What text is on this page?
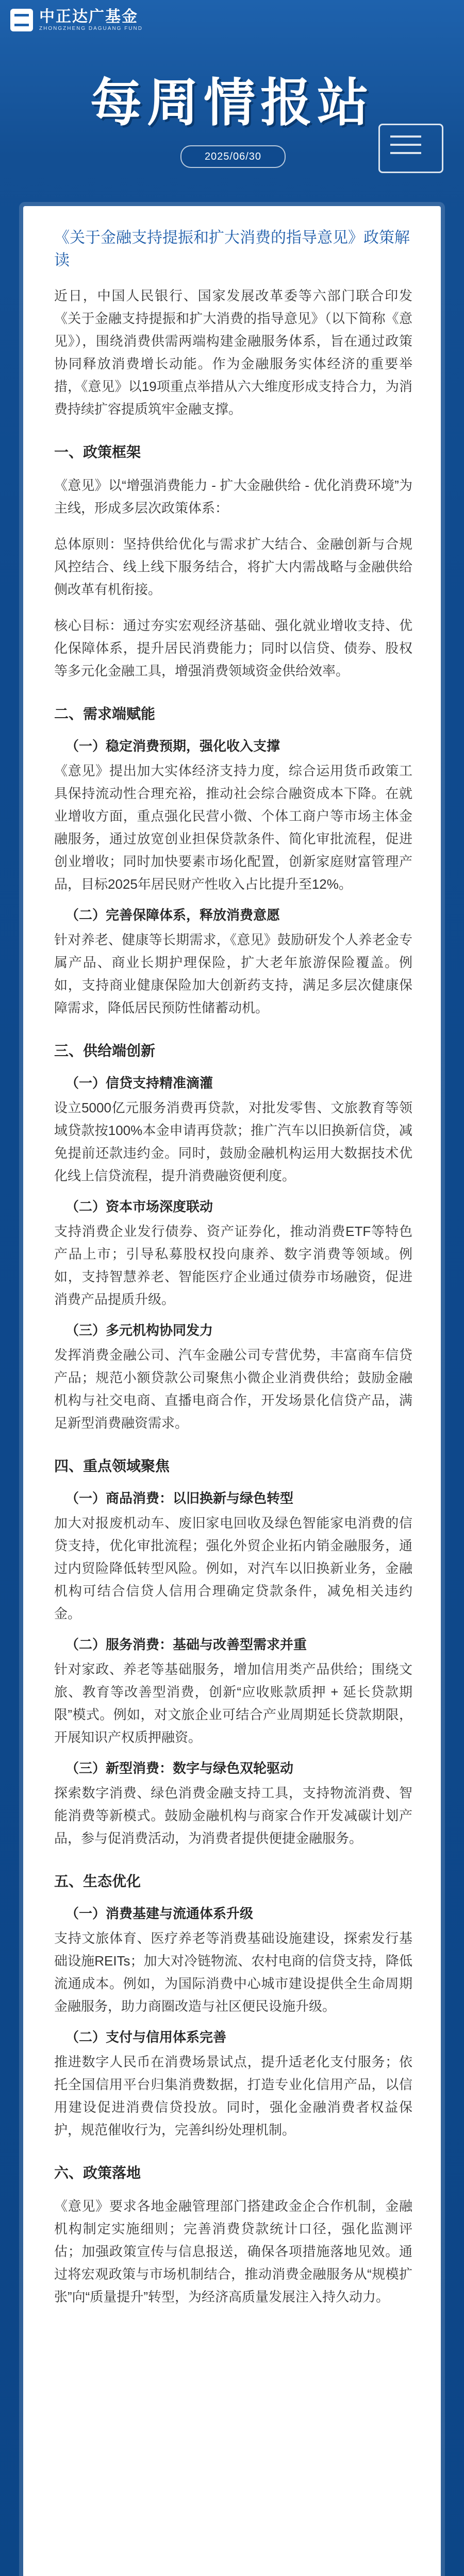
中正达广基金
ZHONGZHENG DAGUANG FUND
每周情报站
2025/06/30
《关于金融支持提振和扩大消费的指导意见》政策解读

近日，中国人民银行、国家发展改革委等六部门联合印发《关于金融支持提振和扩大消费的指导意见》（以下简称《意见》），围绕消费供需两端构建金融服务体系，旨在通过政策协同释放消费增长动能。作为金融服务实体经济的重要举措，《意见》以19项重点举措从六大维度形成支持合力，为消费持续扩容提质筑牢金融支撑。

一、政策框架

《意见》以“增强消费能力 - 扩大金融供给 - 优化消费环境”为主线，形成多层次政策体系：

总体原则：坚持供给优化与需求扩大结合、金融创新与合规风控结合、线上线下服务结合，将扩大内需战略与金融供给侧改革有机衔接。

核心目标：通过夯实宏观经济基础、强化就业增收支持、优化保障体系，提升居民消费能力；同时以信贷、债券、股权等多元化金融工具，增强消费领域资金供给效率。

二、需求端赋能
（一）稳定消费预期，强化收入支撑

《意见》提出加大实体经济支持力度，综合运用货币政策工具保持流动性合理充裕，推动社会综合融资成本下降。在就业增收方面，重点强化民营小微、个体工商户等市场主体金融服务，通过放宽创业担保贷款条件、简化审批流程，促进创业增收；同时加快要素市场化配置，创新家庭财富管理产品，目标2025年居民财产性收入占比提升至12%。

（二）完善保障体系，释放消费意愿

针对养老、健康等长期需求，《意见》鼓励研发个人养老金专属产品、商业长期护理保险，扩大老年旅游保险覆盖。例如，支持商业健康保险加大创新药支持，满足多层次健康保障需求，降低居民预防性储蓄动机。

三、供给端创新
（一）信贷支持精准滴灌

设立5000亿元服务消费再贷款，对批发零售、文旅教育等领域贷款按100%本金申请再贷款；推广汽车以旧换新信贷，减免提前还款违约金。同时，鼓励金融机构运用大数据技术优化线上信贷流程，提升消费融资便利度。

（二）资本市场深度联动

支持消费企业发行债券、资产证券化，推动消费ETF等特色产品上市；引导私募股权投向康养、数字消费等领域。例如，支持智慧养老、智能医疗企业通过债券市场融资，促进消费产品提质升级。

（三）多元机构协同发力

发挥消费金融公司、汽车金融公司专营优势，丰富商车信贷产品；规范小额贷款公司聚焦小微企业消费供给；鼓励金融机构与社交电商、直播电商合作，开发场景化信贷产品，满足新型消费融资需求。

四、重点领域聚焦
（一）商品消费：以旧换新与绿色转型

加大对报废机动车、废旧家电回收及绿色智能家电消费的信贷支持，优化审批流程；强化外贸企业拓内销金融服务，通过内贸险降低转型风险。例如，对汽车以旧换新业务，金融机构可结合信贷人信用合理确定贷款条件，减免相关违约金。

（二）服务消费：基础与改善型需求并重

针对家政、养老等基础服务，增加信用类产品供给；围绕文旅、教育等改善型消费，创新“应收账款质押 + 延长贷款期限”模式。例如，对文旅企业可结合产业周期延长贷款期限，开展知识产权质押融资。

（三）新型消费：数字与绿色双轮驱动

探索数字消费、绿色消费金融支持工具，支持物流消费、智能消费等新模式。鼓励金融机构与商家合作开发减碳计划产品，参与促消费活动，为消费者提供便捷金融服务。

五、生态优化
（一）消费基建与流通体系升级

支持文旅体育、医疗养老等消费基础设施建设，探索发行基础设施REITs；加大对冷链物流、农村电商的信贷支持，降低流通成本。例如，为国际消费中心城市建设提供全生命周期金融服务，助力商圈改造与社区便民设施升级。

（二）支付与信用体系完善

推进数字人民币在消费场景试点，提升适老化支付服务；依托全国信用平台归集消费数据，打造专业化信用产品，以信用建设促进消费信贷投放。同时，强化金融消费者权益保护，规范催收行为，完善纠纷处理机制。

六、政策落地

《意见》要求各地金融管理部门搭建政金企合作机制，金融机构制定实施细则；完善消费贷款统计口径，强化监测评估；加强政策宣传与信息报送，确保各项措施落地见效。通过将宏观政策与市场机制结合，推动消费金融服务从“规模扩张”向“质量提升”转型，为经济高质量发展注入持久动力。
